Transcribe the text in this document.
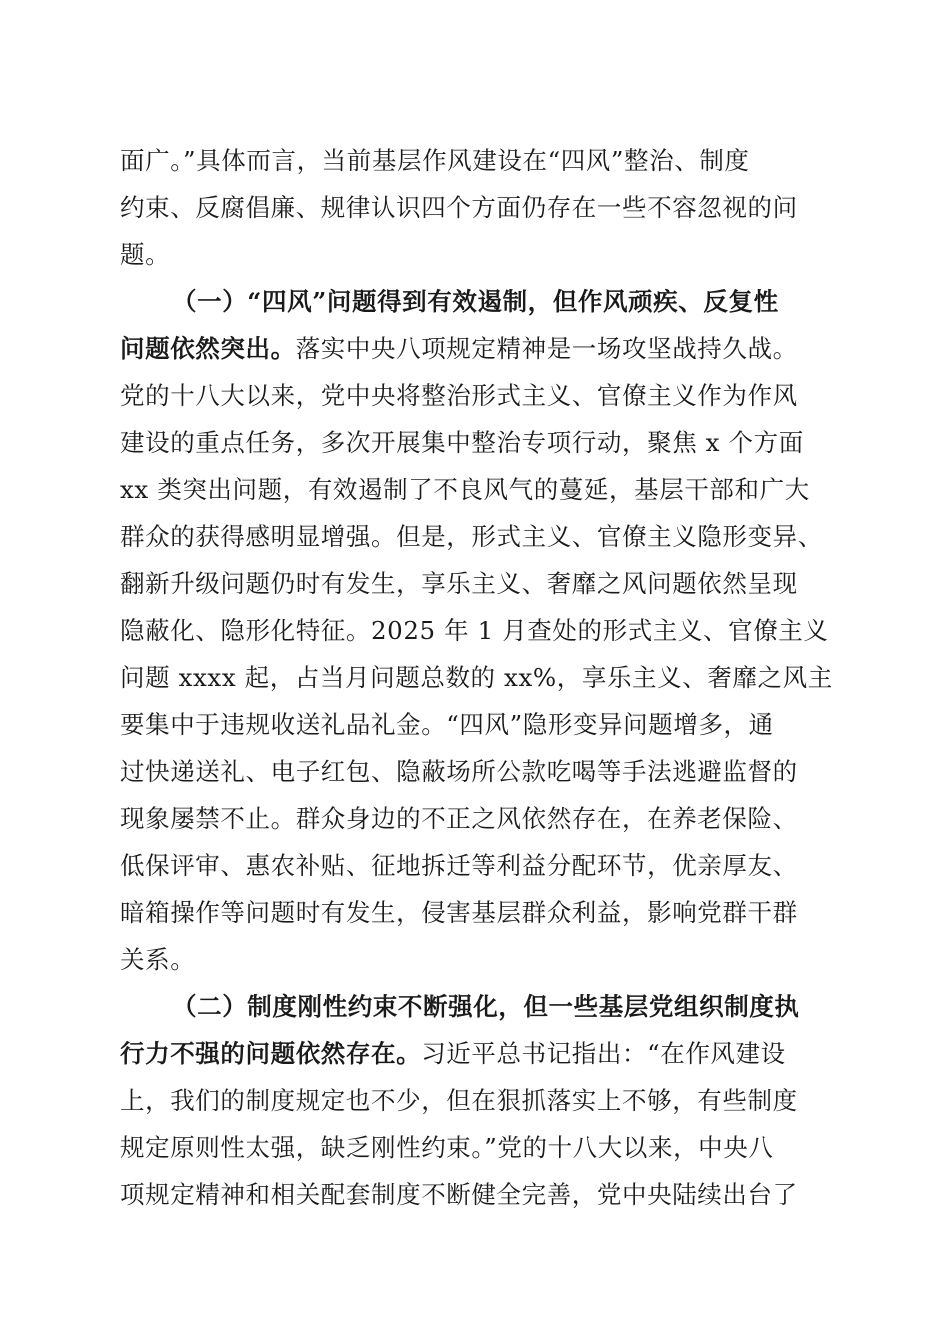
面广。”具体而言，当前基层作风建设在“四风”整治、制度
约束、反腐倡廉、规律认识四个方面仍存在一些不容忽视的问
题。
（一）“四风”问题得到有效遏制，但作风顽疾、反复性
问题依然突出。落实中央八项规定精神是一场攻坚战持久战。
党的十八大以来，党中央将整治形式主义、官僚主义作为作风
建设的重点任务，多次开展集中整治专项行动，聚焦 x 个方面
xx 类突出问题，有效遏制了不良风气的蔓延，基层干部和广大
群众的获得感明显增强。但是，形式主义、官僚主义隐形变异、
翻新升级问题仍时有发生，享乐主义、奢靡之风问题依然呈现
隐蔽化、隐形化特征。2025 年 1 月查处的形式主义、官僚主义
问题 xxxx 起，占当月问题总数的 xx%，享乐主义、奢靡之风主
要集中于违规收送礼品礼金。“四风”隐形变异问题增多，通
过快递送礼、电子红包、隐蔽场所公款吃喝等手法逃避监督的
现象屡禁不止。群众身边的不正之风依然存在，在养老保险、
低保评审、惠农补贴、征地拆迁等利益分配环节，优亲厚友、
暗箱操作等问题时有发生，侵害基层群众利益，影响党群干群
关系。
（二）制度刚性约束不断强化，但一些基层党组织制度执
行力不强的问题依然存在。习近平总书记指出：“在作风建设
上，我们的制度规定也不少，但在狠抓落实上不够，有些制度
规定原则性太强，缺乏刚性约束。”党的十八大以来，中央八
项规定精神和相关配套制度不断健全完善，党中央陆续出台了
